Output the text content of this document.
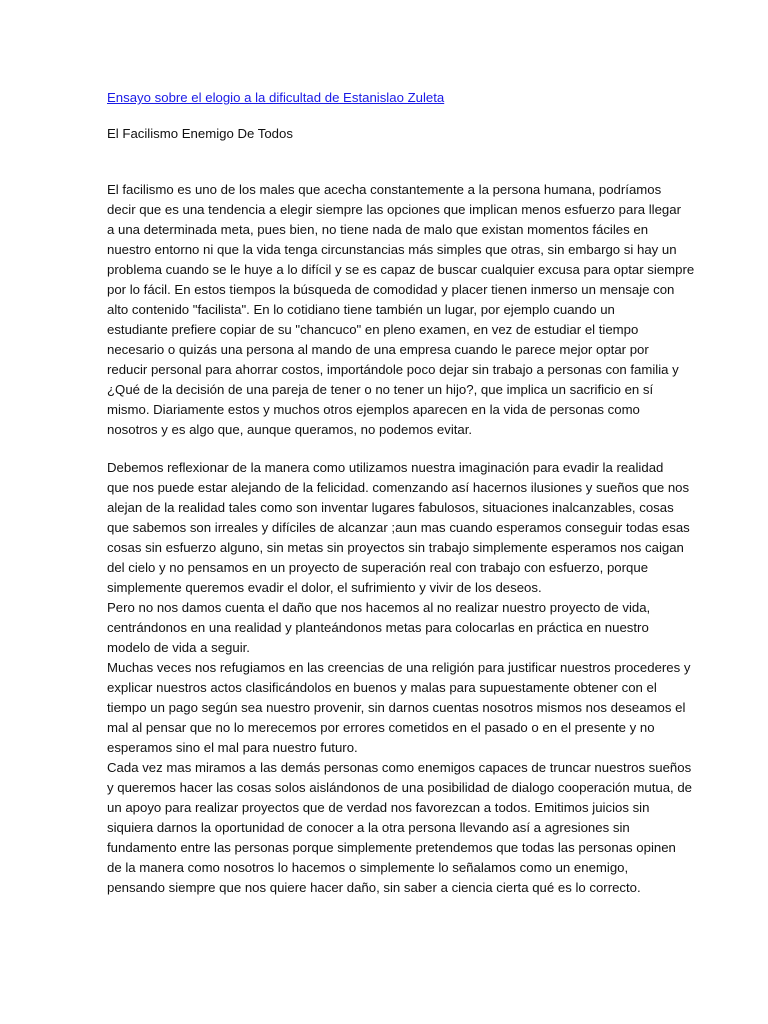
Ensayo sobre el elogio a la dificultad de Estanislao Zuleta
El Facilismo Enemigo De Todos
El facilismo es uno de los males que acecha constantemente a la persona humana, podríamos
decir que es una tendencia a elegir siempre las opciones que implican menos esfuerzo para llegar
a una determinada meta, pues bien, no tiene nada de malo que existan momentos fáciles en
nuestro entorno ni que la vida tenga circunstancias más simples que otras, sin embargo si hay un
problema cuando se le huye a lo difícil y se es capaz de buscar cualquier excusa para optar siempre
por lo fácil. En estos tiempos la búsqueda de comodidad y placer tienen inmerso un mensaje con
alto contenido "facilista". En lo cotidiano tiene también un lugar, por ejemplo cuando un
estudiante prefiere copiar de su "chancuco" en pleno examen, en vez de estudiar el tiempo
necesario o quizás una persona al mando de una empresa cuando le parece mejor optar por
reducir personal para ahorrar costos, importándole poco dejar sin trabajo a personas con familia y
¿Qué de la decisión de una pareja de tener o no tener un hijo?, que implica un sacrificio en sí
mismo. Diariamente estos y muchos otros ejemplos aparecen en la vida de personas como
nosotros y es algo que, aunque queramos, no podemos evitar.
Debemos reflexionar de la manera como utilizamos nuestra imaginación para evadir la realidad
que nos puede estar alejando de la felicidad. comenzando así hacernos ilusiones y sueños que nos
alejan de la realidad tales como son inventar lugares fabulosos, situaciones inalcanzables, cosas
que sabemos son irreales y difíciles de alcanzar ;aun mas cuando esperamos conseguir todas esas
cosas sin esfuerzo alguno, sin metas sin proyectos sin trabajo simplemente esperamos nos caigan
del cielo y no pensamos en un proyecto de superación real con trabajo con esfuerzo, porque
simplemente queremos evadir el dolor, el sufrimiento y vivir de los deseos.
Pero no nos damos cuenta el daño que nos hacemos al no realizar nuestro proyecto de vida,
centrándonos en una realidad y planteándonos metas para colocarlas en práctica en nuestro
modelo de vida a seguir.
Muchas veces nos refugiamos en las creencias de una religión para justificar nuestros procederes y
explicar nuestros actos clasificándolos en buenos y malas para supuestamente obtener con el
tiempo un pago según sea nuestro provenir, sin darnos cuentas nosotros mismos nos deseamos el
mal al pensar que no lo merecemos por errores cometidos en el pasado o en el presente y no
esperamos sino el mal para nuestro futuro.
Cada vez mas miramos a las demás personas como enemigos capaces de truncar nuestros sueños
y queremos hacer las cosas solos aislándonos de una posibilidad de dialogo cooperación mutua, de
un apoyo para realizar proyectos que de verdad nos favorezcan a todos. Emitimos juicios sin
siquiera darnos la oportunidad de conocer a la otra persona llevando así a agresiones sin
fundamento entre las personas porque simplemente pretendemos que todas las personas opinen
de la manera como nosotros lo hacemos o simplemente lo señalamos como un enemigo,
pensando siempre que nos quiere hacer daño, sin saber a ciencia cierta qué es lo correcto.
